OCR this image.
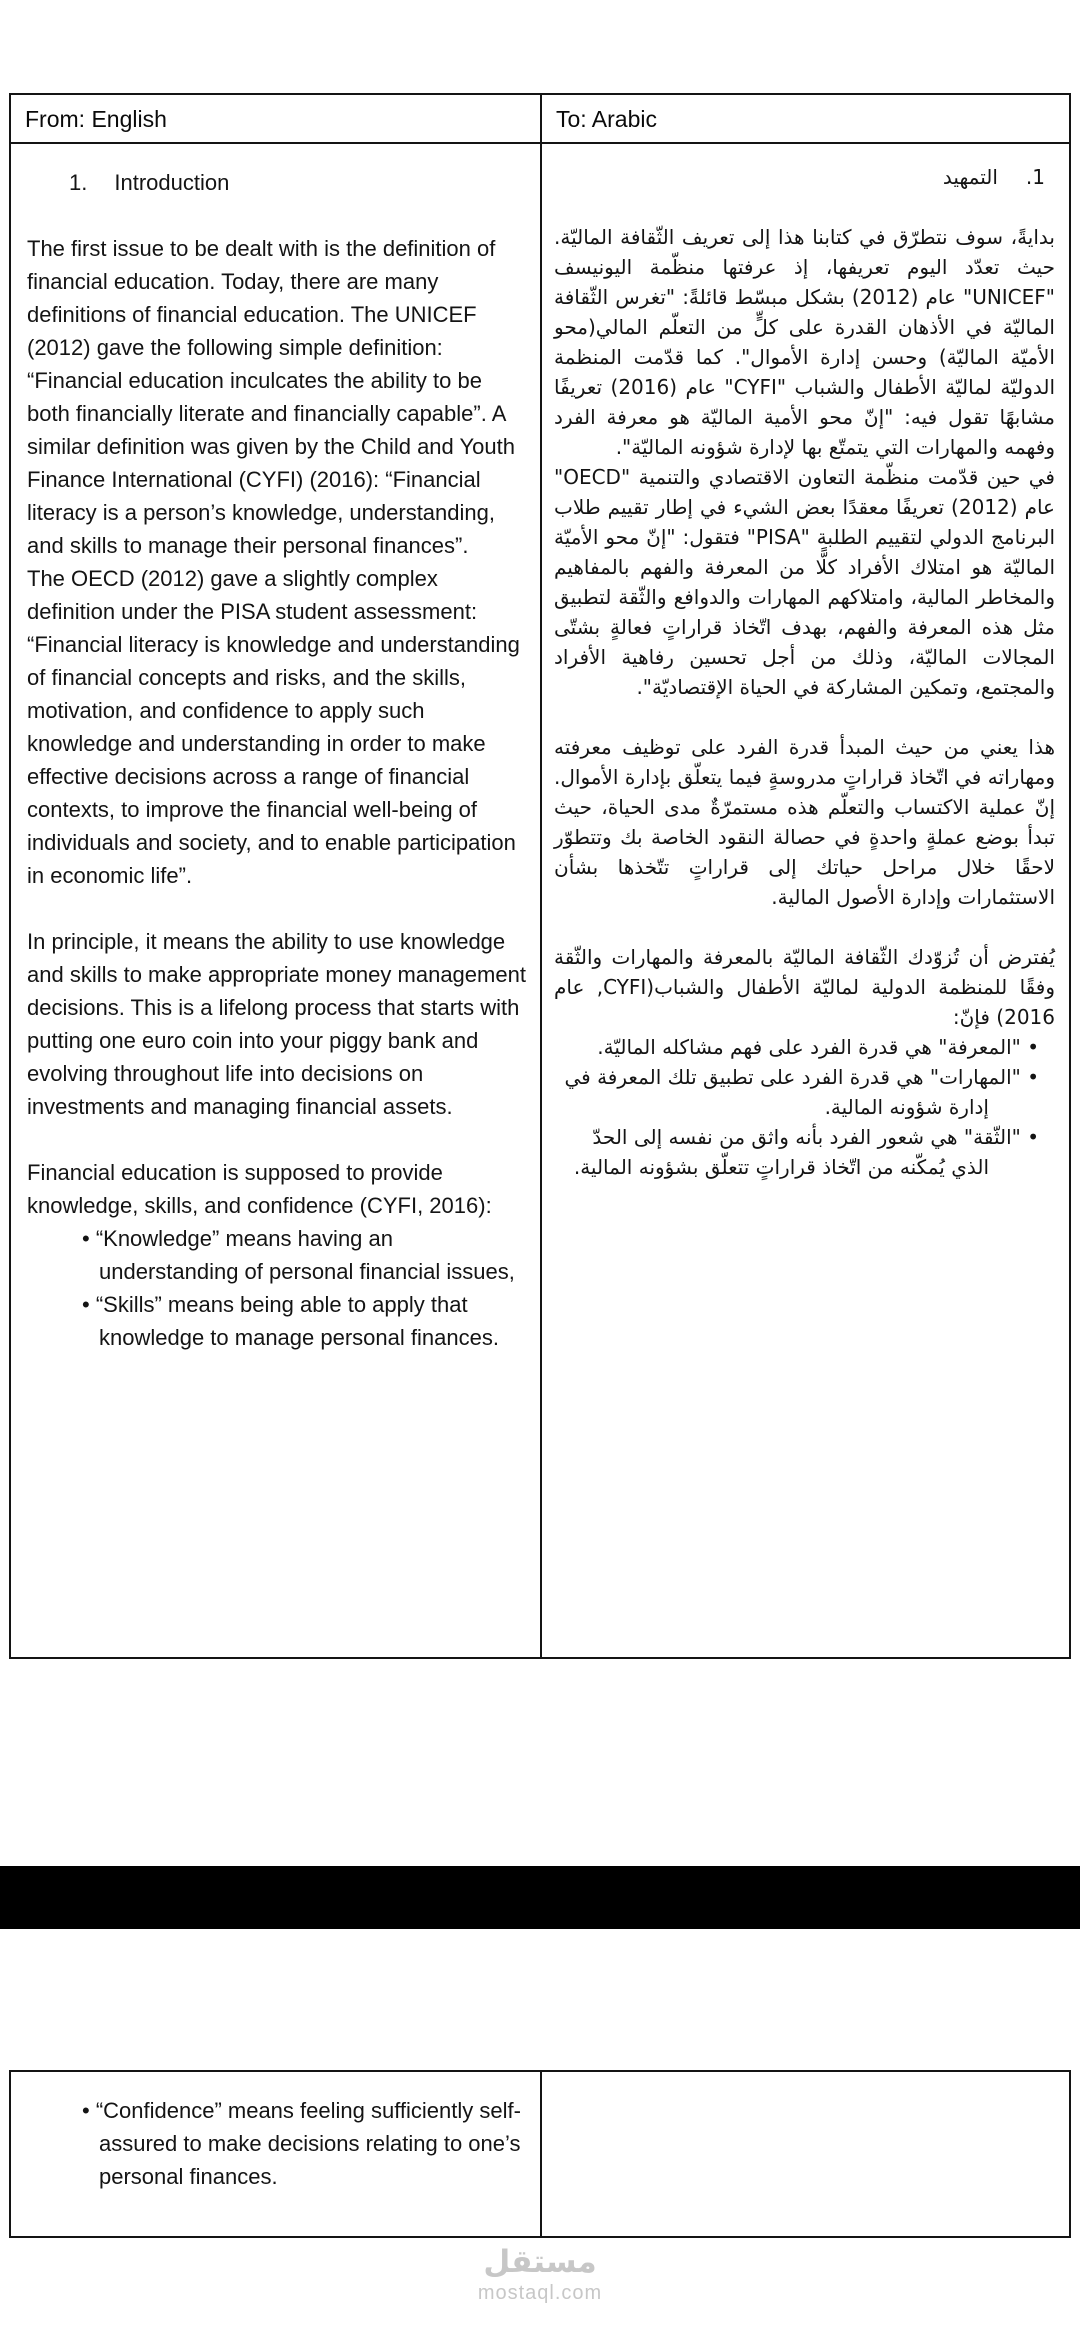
From: English	To: Arabic
1. Introduction

The first issue to be dealt with is the definition of financial education. Today, there are many definitions of financial education. The UNICEF (2012) gave the following simple definition: “Financial education inculcates the ability to be both financially literate and financially capable”. A similar definition was given by the Child and Youth Finance International (CYFI) (2016): “Financial literacy is a person’s knowledge, understanding, and skills to manage their personal finances”.

The OECD (2012) gave a slightly complex definition under the PISA student assessment: “Financial literacy is knowledge and understanding of financial concepts and risks, and the skills, motivation, and confidence to apply such knowledge and understanding in order to make effective decisions across a range of financial contexts, to improve the financial well-being of individuals and society, and to enable participation in economic life”.

In principle, it means the ability to use knowledge and skills to make appropriate money management decisions. This is a lifelong process that starts with putting one euro coin into your piggy bank and evolving throughout life into decisions on investments and managing financial assets.

Financial education is supposed to provide knowledge, skills, and confidence (CYFI, 2016):

• “Knowledge” means having an understanding of personal financial issues,

• “Skills” means being able to apply that knowledge to manage personal finances.

.1
التمهيد

بدايةً، سوف نتطرّق في كتابنا هذا إلى تعريف الثّقافة الماليّة. حيث تعدّد اليوم تعريفها، إذ عرفتها منظّمة اليونيسف "UNICEF" عام (2012) بشكل مبسّط قائلةً: "تغرس الثّقافة الماليّة في الأذهان القدرة على كلٍّ من التعلّم المالي(محو الأميّة الماليّة) وحسن إدارة الأموال". كما قدّمت المنظمة الدوليّة لماليّة الأطفال والشباب "CYFI" عام (2016) تعريفًا مشابهًا تقول فيه: "إنّ محو الأمية الماليّة هو معرفة الفرد وفهمه والمهارات التي يتمتّع بها لإدارة شؤونه الماليّة".

في حين قدّمت منظّمة التعاون الاقتصادي والتنمية "OECD" عام (2012) تعريفًا معقدًا بعض الشيء في إطار تقييم طلاب البرنامج الدولي لتقييم الطلبة "PISA" فتقول: "إنّ محو الأميّة الماليّة هو امتلاك الأفراد كلًّا من المعرفة والفهم بالمفاهيم والمخاطر المالية، وامتلاكهم المهارات والدوافع والثّقة لتطبيق مثل هذه المعرفة والفهم، بهدف اتّخاذ قراراتٍ فعالةٍ بشتّى المجالات الماليّة، وذلك من أجل تحسين رفاهية الأفراد والمجتمع، وتمكين المشاركة في الحياة الإقتصاديّة".

هذا يعني من حيث المبدأ قدرة الفرد على توظيف معرفته ومهاراته في اتّخاذ قراراتٍ مدروسةٍ فيما يتعلّق بإدارة الأموال. إنّ عملية الاكتساب والتعلّم هذه مستمرّةٌ مدى الحياة، حيث تبدأ بوضع عملةٍ واحدةٍ في حصالة النقود الخاصة بك وتتطوّر لاحقًا خلال مراحل حياتك إلى قراراتٍ تتّخذها بشأن الاستثمارات وإدارة الأصول المالية.

يُفترض أن تُزوّدك الثّقافة الماليّة بالمعرفة والمهارات والثّقة وفقًا للمنظمة الدولية لماليّة الأطفال والشباب(CYFI, عام 2016) فإنّ:

• "المعرفة" هي قدرة الفرد على فهم مشاكله الماليّة.

• "المهارات" هي قدرة الفرد على تطبيق تلك المعرفة في إدارة شؤونه المالية.

• "الثّقة" هي شعور الفرد بأنه واثق من نفسه إلى الحدّ الذي يُمكّنه من اتّخاذ قراراتٍ تتعلّق بشؤونه المالية.

• “Confidence” means feeling sufficiently self-assured to make decisions relating to one’s personal finances.

مستقل
mostaql.com
